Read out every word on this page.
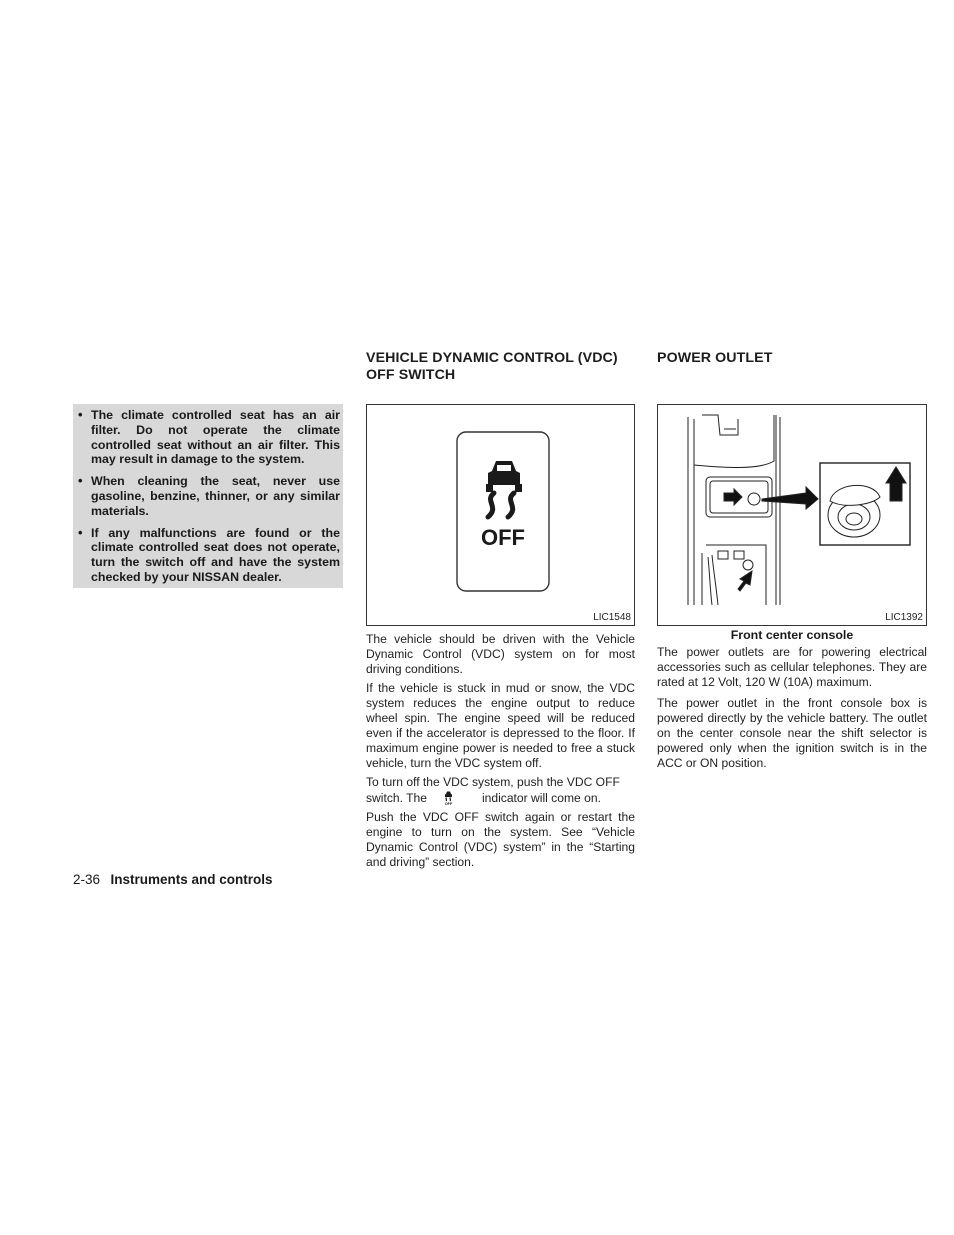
• The climate controlled seat has an air filter. Do not operate the climate controlled seat without an air filter. This may result in damage to the system.
• When cleaning the seat, never use gasoline, benzine, thinner, or any similar materials.
• If any malfunctions are found or the climate controlled seat does not operate, turn the switch off and have the system checked by your NISSAN dealer.
VEHICLE DYNAMIC CONTROL (VDC)
OFF SWITCH
OFF
LIC1548

The vehicle should be driven with the Vehicle Dynamic Control (VDC) system on for most driving conditions.

If the vehicle is stuck in mud or snow, the VDC system reduces the engine output to reduce wheel spin. The engine speed will be reduced even if the accelerator is depressed to the floor. If maximum engine power is needed to free a stuck vehicle, turn the VDC system off.

To turn off the VDC system, push the VDC OFF switch. The	OFF indicator will come on.

Push the VDC OFF switch again or restart the engine to turn on the system. See “Vehicle Dynamic Control (VDC) system” in the “Starting and driving” section.

POWER OUTLET
LIC1392
Front center console

The power outlets are for powering electrical accessories such as cellular telephones. They are rated at 12 Volt, 120 W (10A) maximum.

The power outlet in the front console box is powered directly by the vehicle battery. The outlet on the center console near the shift selector is powered only when the ignition switch is in the ACC or ON position.

2-36 Instruments and controls
